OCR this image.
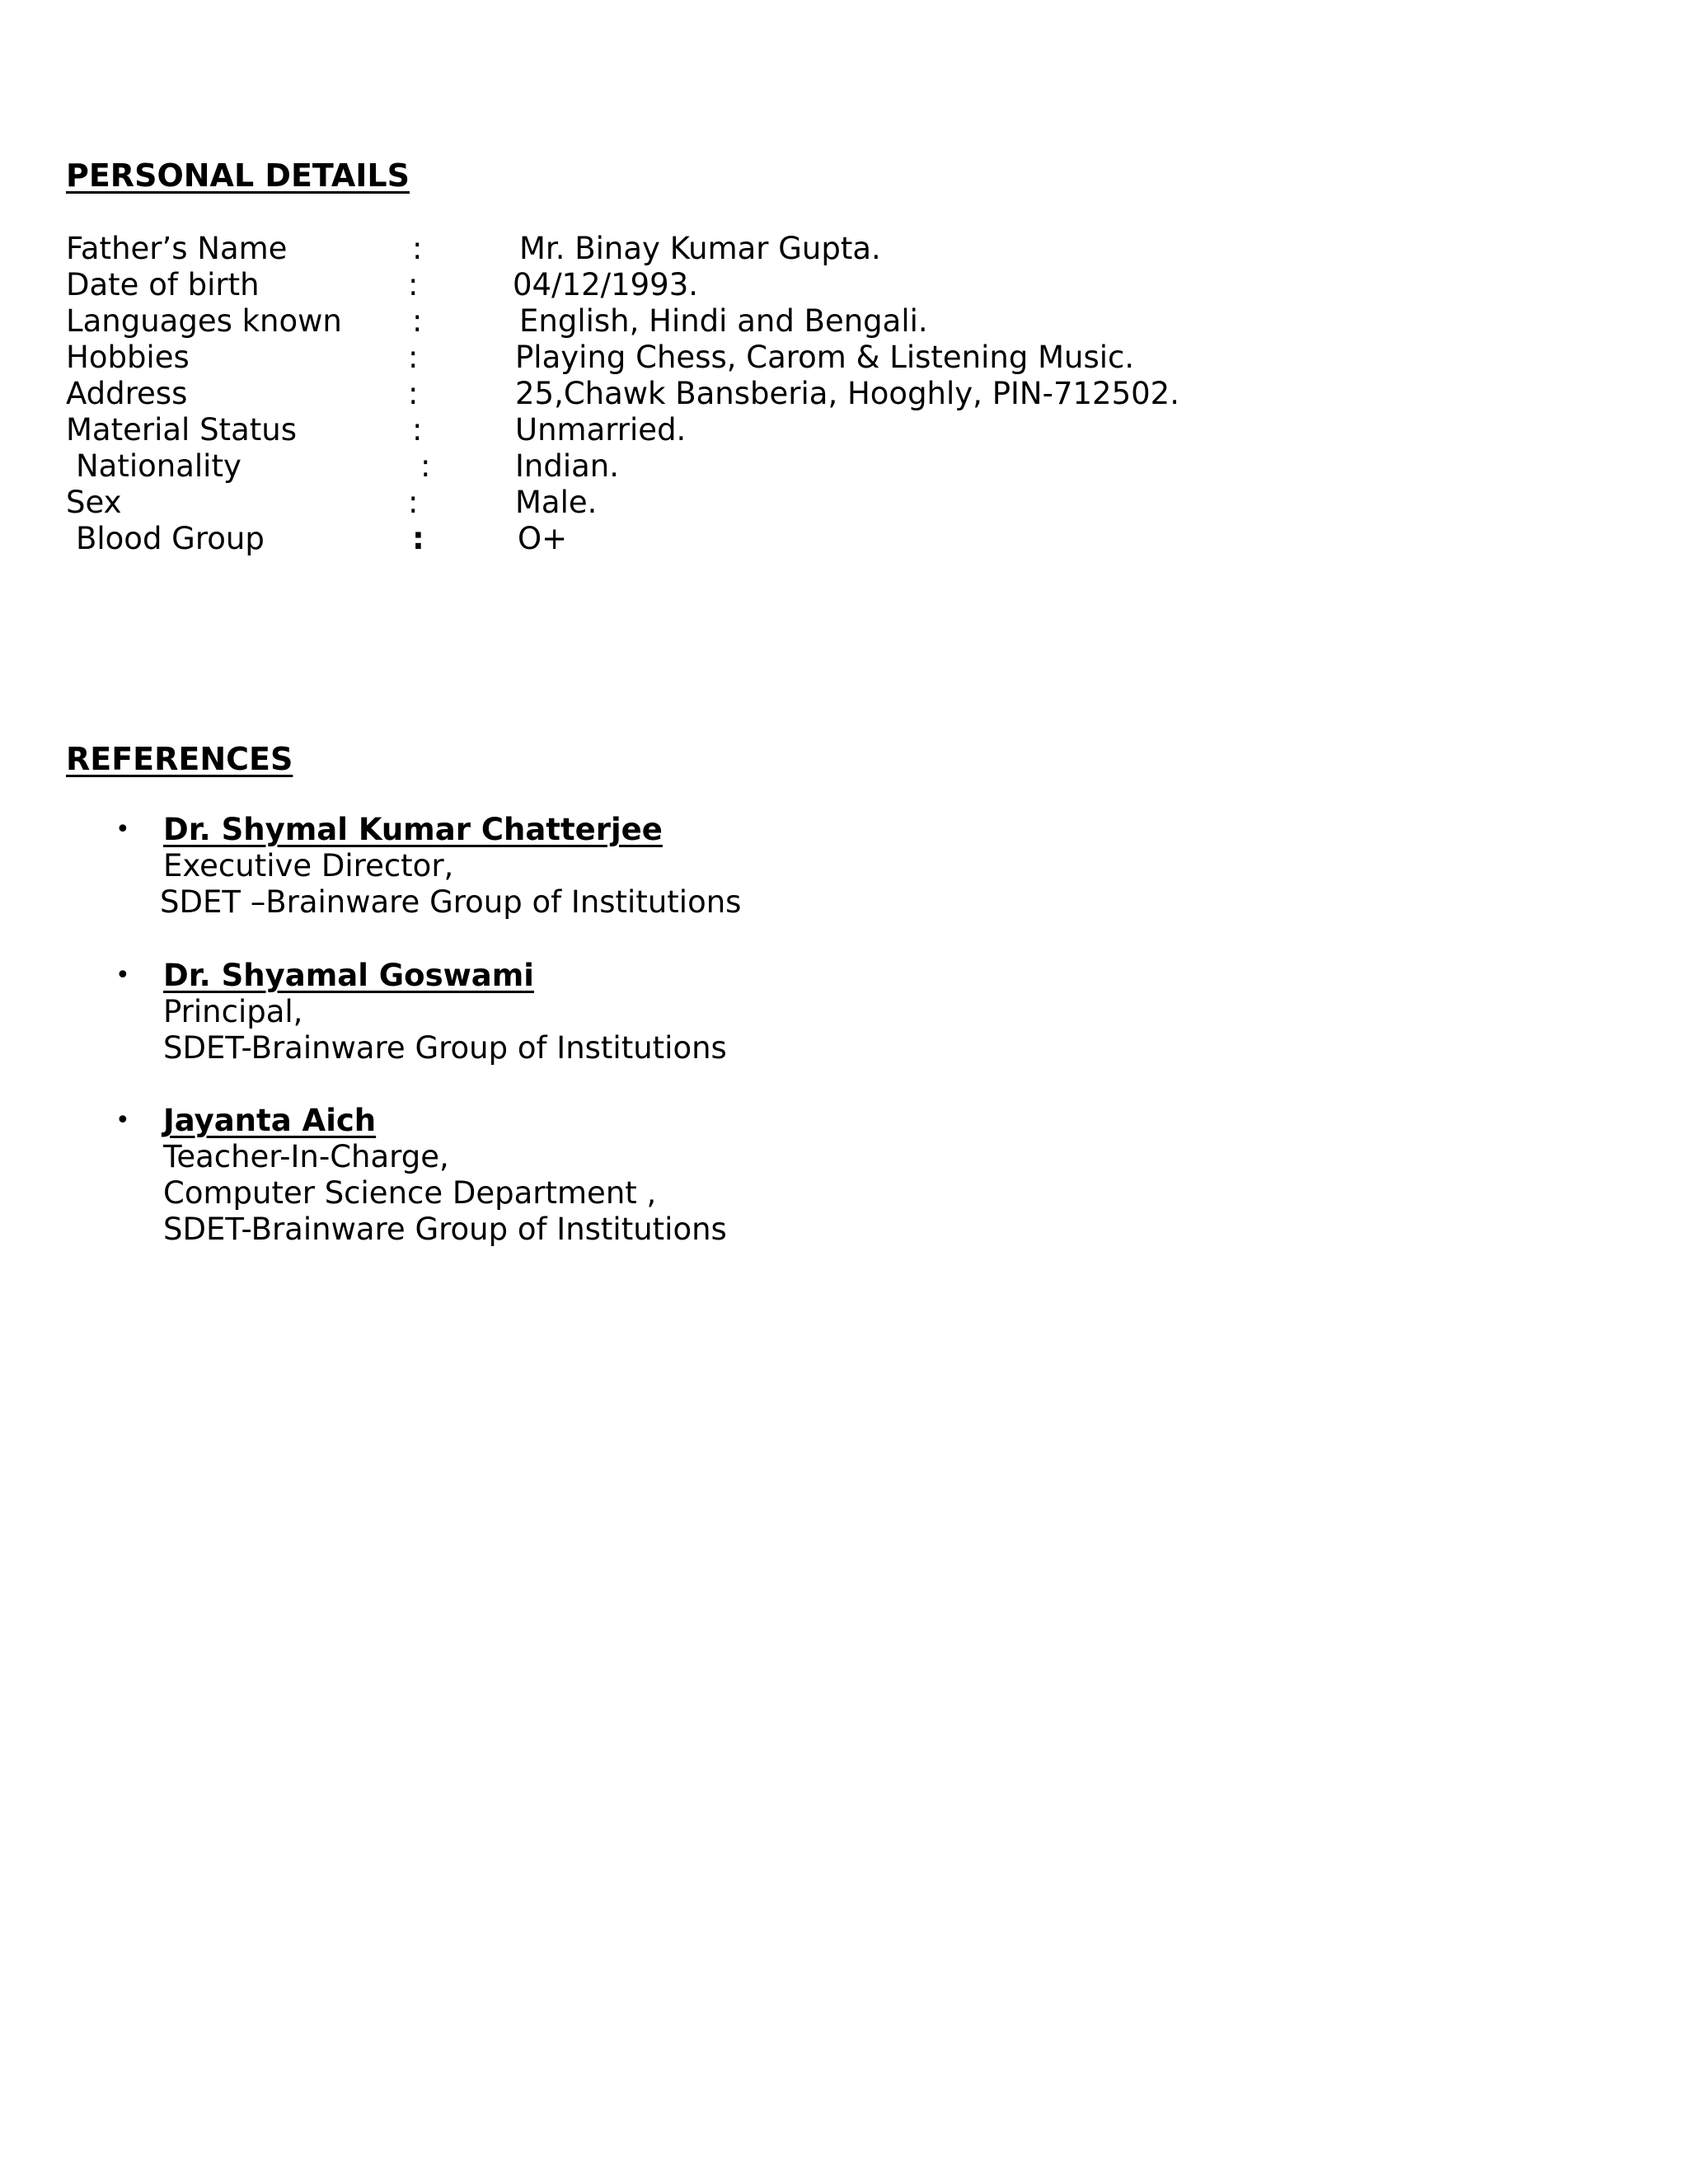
PERSONAL DETAILS
Father’s Name	:	Mr. Binay Kumar Gupta.
Date of birth	:	04/12/1993.
Languages known :	English, Hindi and Bengali.
Hobbies	:	Playing Chess, Carom & Listening Music.
Address	:	25,Chawk Bansberia, Hooghly, PIN-712502.
Material Status	:	Unmarried.
Nationality	:	Indian.
Sex	:	Male.
Blood Group	:	O+
REFERENCES
• Dr. Shymal Kumar Chatterjee
Executive Director,
SDET –Brainware Group of Institutions
• Dr. Shyamal Goswami
Principal,
SDET-Brainware Group of Institutions
• Jayanta Aich
Teacher-In-Charge,
Computer Science Department ,
SDET-Brainware Group of Institutions
